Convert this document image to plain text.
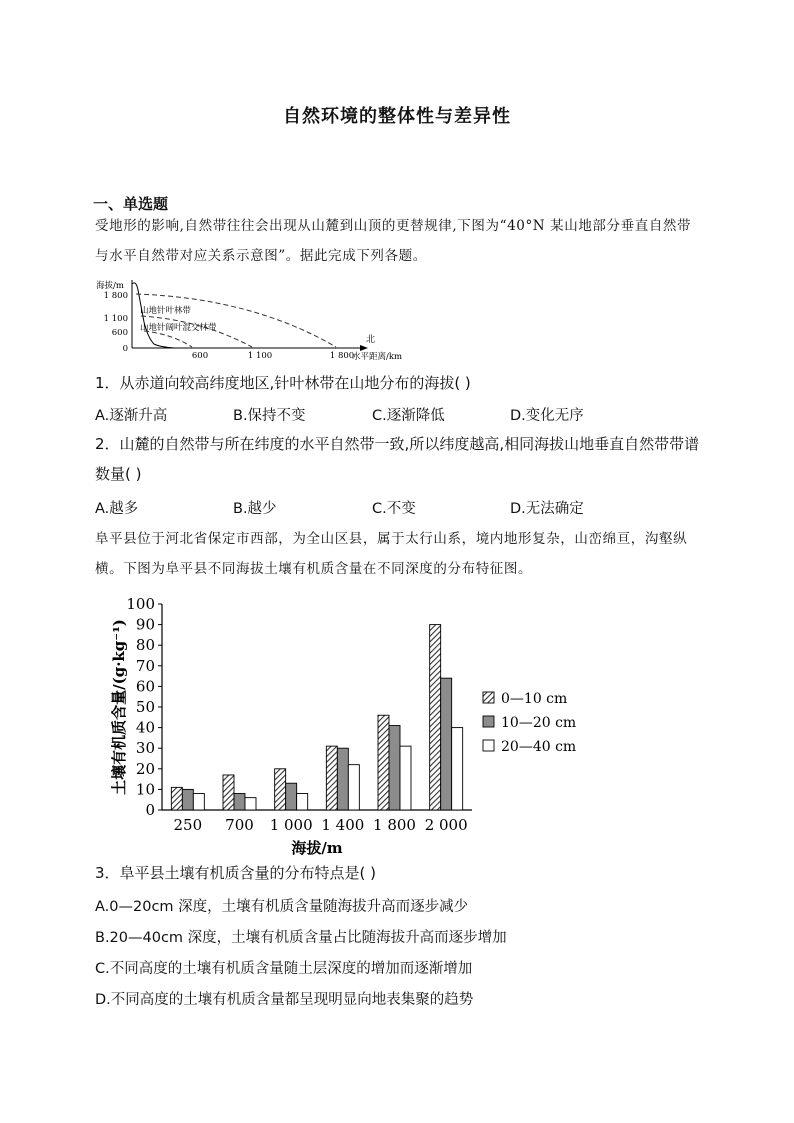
自然环境的整体性与差异性
一、单选题
受地形的影响,自然带往往会出现从山麓到山顶的更替规律,下图为“40°N 某山地部分垂直自然带与水平自然带对应关系示意图”。据此完成下列各题。
海拔/m
1 800
1 100
600
0
山地针叶林带
山地针阔叶混交林带
600	1 100	1 800
北
水平距离/km
1．从赤道向较高纬度地区,针叶林带在山地分布的海拔( )
A.逐渐升高	B.保持不变	C.逐渐降低	D.变化无序
2．山麓的自然带与所在纬度的水平自然带一致,所以纬度越高,相同海拔山地垂直自然带带谱数量( )
A.越多	B.越少	C.不变	D.无法确定
阜平县位于河北省保定市西部，为全山区县，属于太行山系，境内地形复杂，山峦绵亘，沟壑纵横。下图为阜平县不同海拔土壤有机质含量在不同深度的分布特征图。
100
90
80
70
60
50
40
30
20
10
0
250 700 1 000 1 400 1 800 2 000
海拔/m
土壤有机质含量/(g·kg⁻¹)	0—10 cm
10—20 cm
20—40 cm
3．阜平县土壤有机质含量的分布特点是( )
A.0—20cm 深度，土壤有机质含量随海拔升高而逐步减少
B.20—40cm 深度，土壤有机质含量占比随海拔升高而逐步增加
C.不同高度的土壤有机质含量随土层深度的增加而逐渐增加
D.不同高度的土壤有机质含量都呈现明显向地表集聚的趋势
